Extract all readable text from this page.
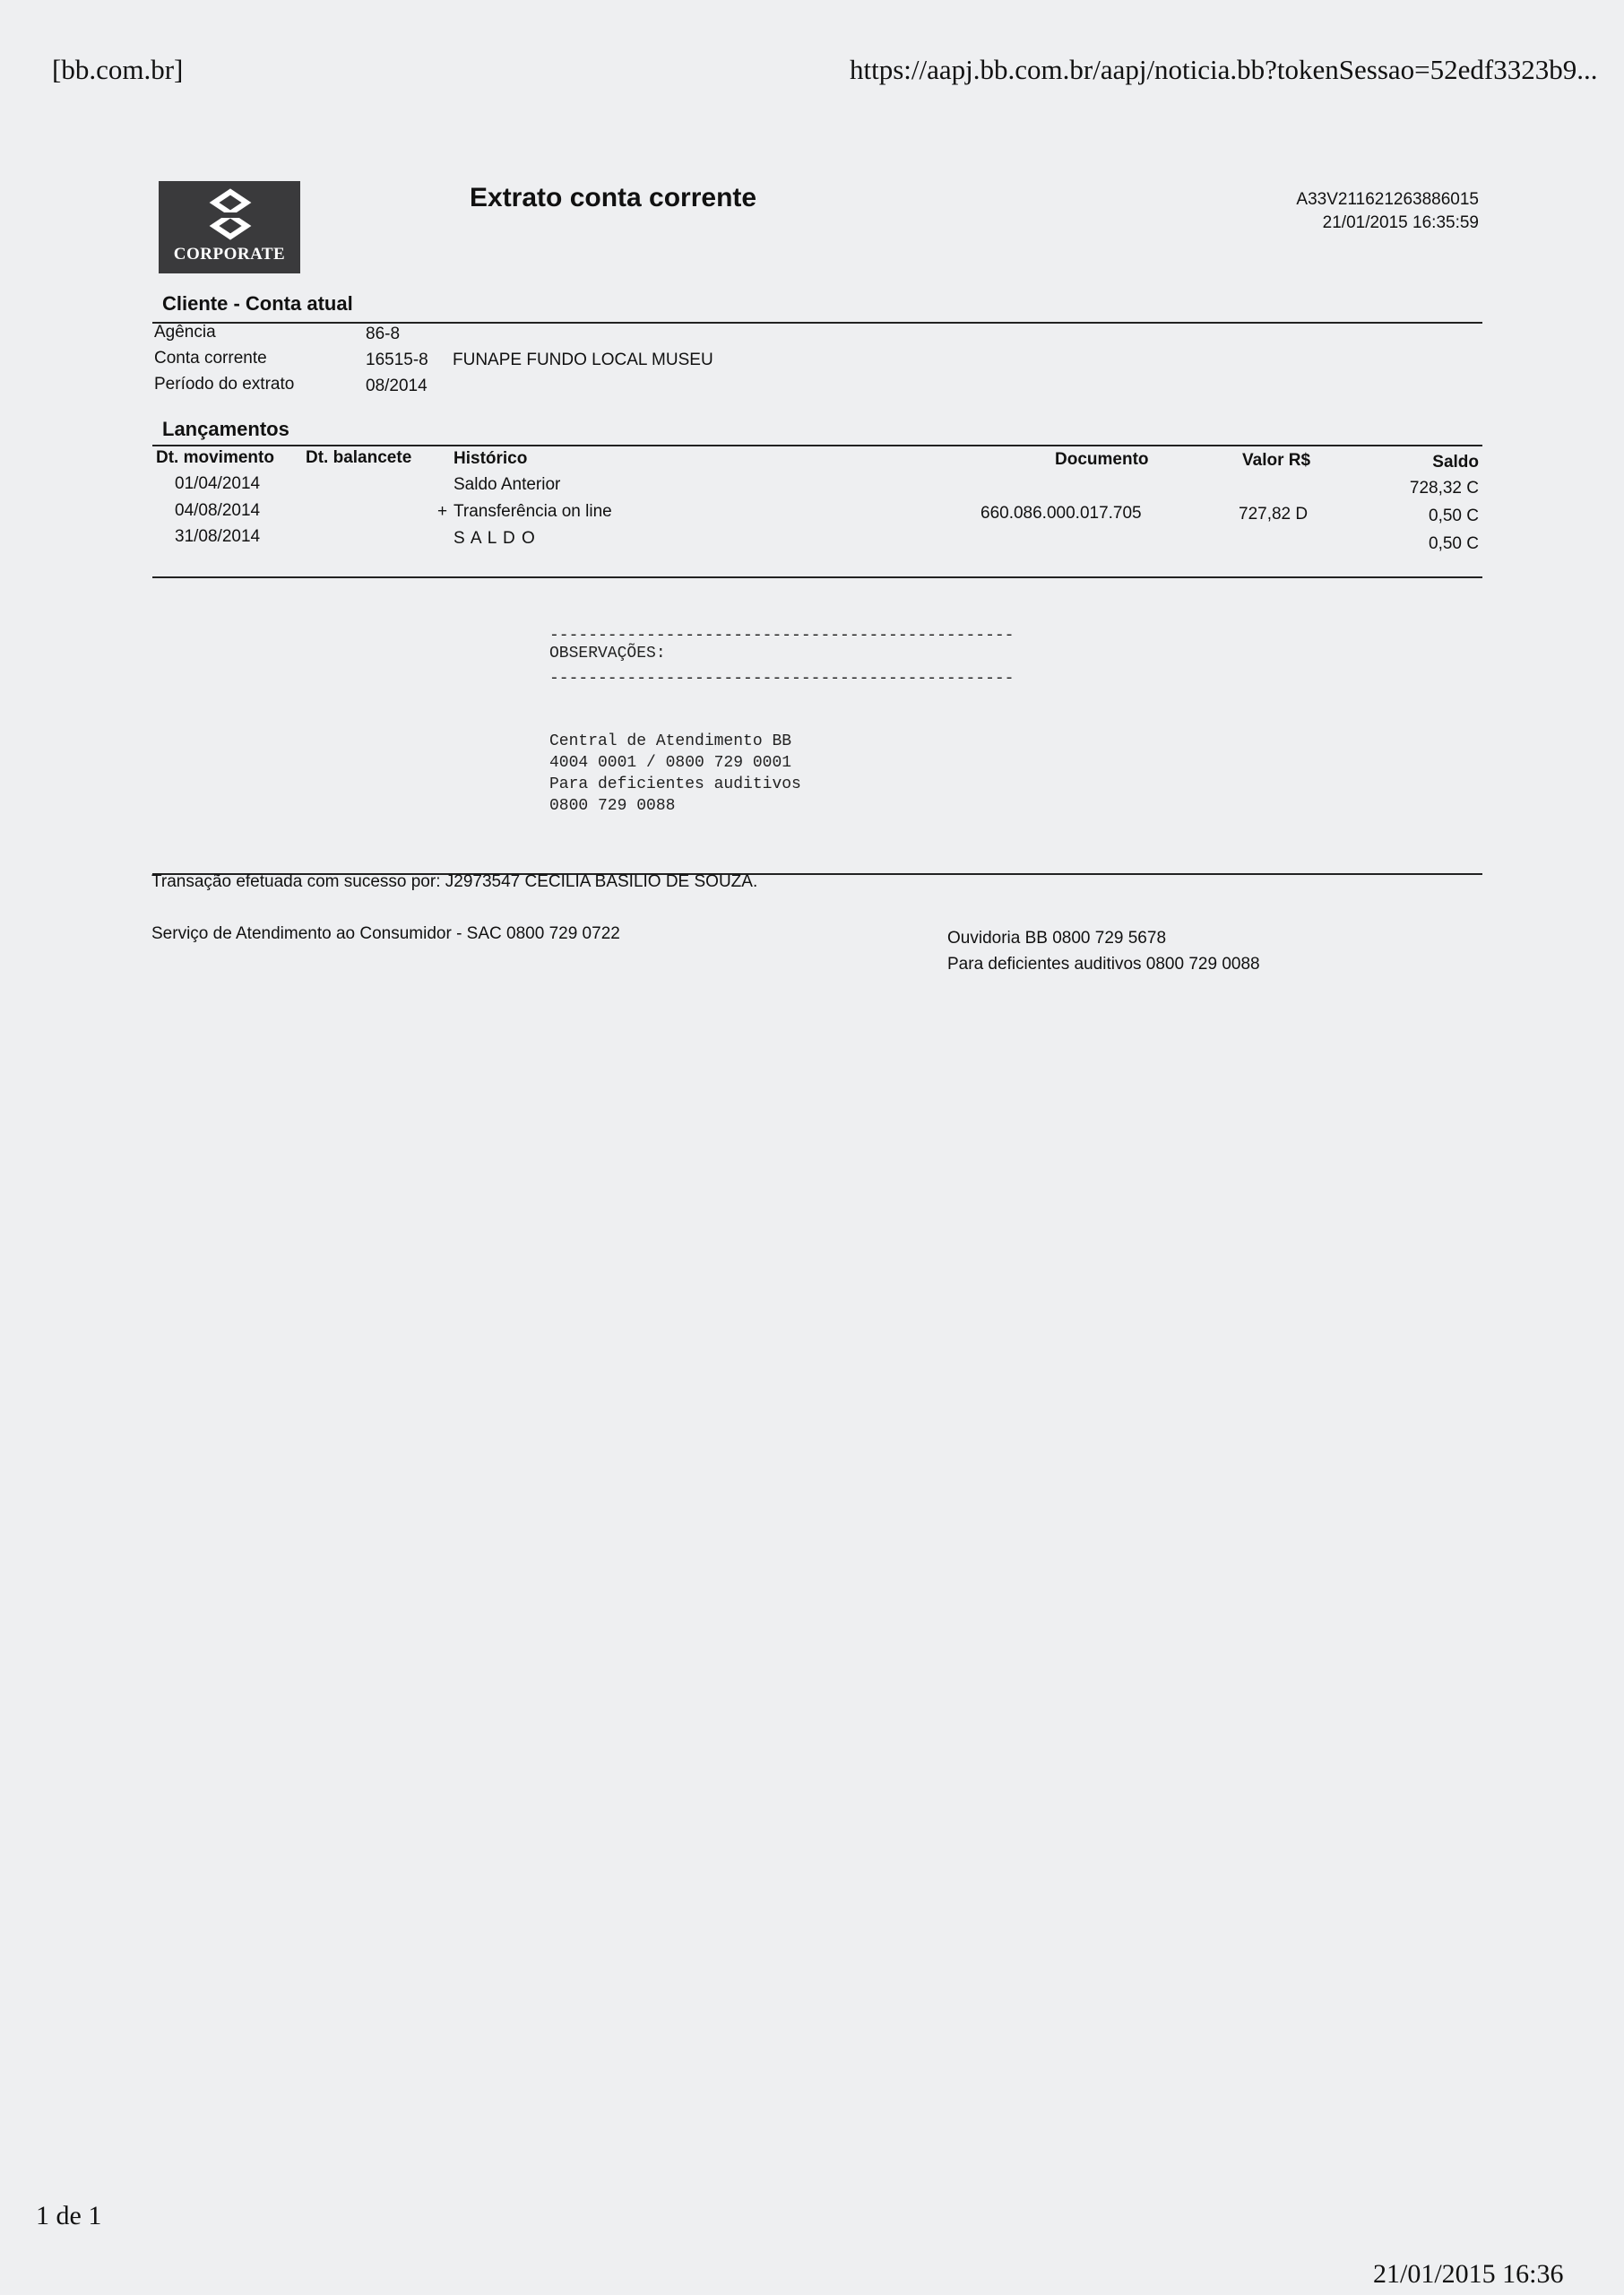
[bb.com.br]	https://aapj.bb.com.br/aapj/noticia.bb?tokenSessao=52edf3323b9...
CORPORATE
Extrato conta corrente	A33V211621263886015
21/01/2015 16:35:59
Cliente - Conta atual
Agência	86-8
Conta corrente	16515-8 FUNAPE FUNDO LOCAL MUSEU
Período do extrato	08/2014
Lançamentos
Dt. movimento Dt. balancete Histórico	Documento	Valor R$	Saldo
01/04/2014	Saldo Anterior	728,32 C
04/08/2014	+ Transferência on line	660.086.000.017.705	727,82 D	0,50 C
31/08/2014	S A L D O	0,50 C
------------------------------------------------
OBSERVAÇÕES:
------------------------------------------------
Central de Atendimento BB
4004 0001 / 0800 729 0001
Para deficientes auditivos
0800 729 0088
Transação efetuada com sucesso por: J2973547 CECILIA BASILIO DE SOUZA.
Serviço de Atendimento ao Consumidor - SAC 0800 729 0722	Ouvidoria BB 0800 729 5678
Para deficientes auditivos 0800 729 0088
1 de 1
21/01/2015 16:36
